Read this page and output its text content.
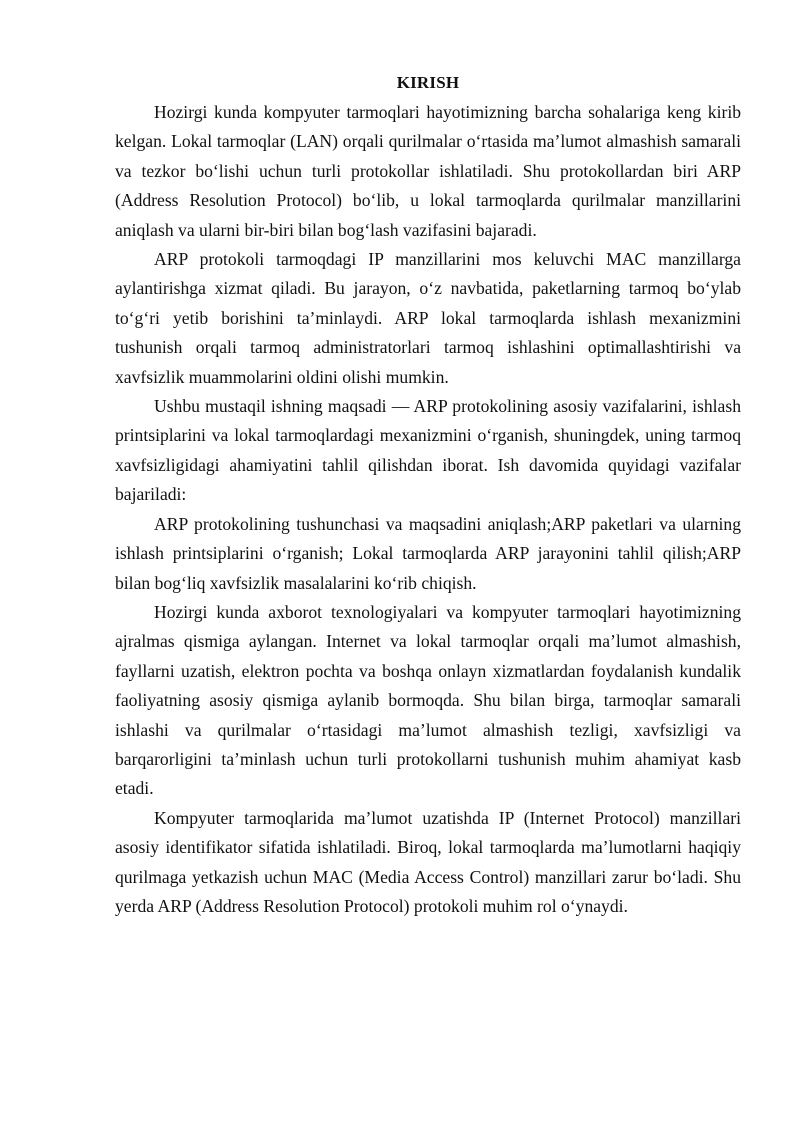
KIRISH

Hozirgi kunda kompyuter tarmoqlari hayotimizning barcha sohalariga keng kirib kelgan. Lokal tarmoqlar (LAN) orqali qurilmalar o‘rtasida ma’lumot almashish samarali va tezkor bo‘lishi uchun turli protokollar ishlatiladi. Shu protokollardan biri ARP (Address Resolution Protocol) bo‘lib, u lokal tarmoqlarda qurilmalar manzillarini aniqlash va ularni bir-biri bilan bog‘lash vazifasini bajaradi.

ARP protokoli tarmoqdagi IP manzillarini mos keluvchi MAC manzillarga aylantirishga xizmat qiladi. Bu jarayon, o‘z navbatida, paketlarning tarmoq bo‘ylab to‘g‘ri yetib borishini ta’minlaydi. ARP lokal tarmoqlarda ishlash mexanizmini tushunish orqali tarmoq administratorlari tarmoq ishlashini optimallashtirishi va xavfsizlik muammolarini oldini olishi mumkin.

Ushbu mustaqil ishning maqsadi — ARP protokolining asosiy vazifalarini, ishlash printsiplarini va lokal tarmoqlardagi mexanizmini o‘rganish, shuningdek, uning tarmoq xavfsizligidagi ahamiyatini tahlil qilishdan iborat. Ish davomida quyidagi vazifalar bajariladi:

ARP protokolining tushunchasi va maqsadini aniqlash;ARP paketlari va ularning ishlash printsiplarini o‘rganish; Lokal tarmoqlarda ARP jarayonini tahlil qilish;ARP bilan bog‘liq xavfsizlik masalalarini ko‘rib chiqish.

Hozirgi kunda axborot texnologiyalari va kompyuter tarmoqlari hayotimizning ajralmas qismiga aylangan. Internet va lokal tarmoqlar orqali ma’lumot almashish, fayllarni uzatish, elektron pochta va boshqa onlayn xizmatlardan foydalanish kundalik faoliyatning asosiy qismiga aylanib bormoqda. Shu bilan birga, tarmoqlar samarali ishlashi va qurilmalar o‘rtasidagi ma’lumot almashish tezligi, xavfsizligi va barqarorligini ta’minlash uchun turli protokollarni tushunish muhim ahamiyat kasb etadi.

Kompyuter tarmoqlarida ma’lumot uzatishda IP (Internet Protocol) manzillari asosiy identifikator sifatida ishlatiladi. Biroq, lokal tarmoqlarda ma’lumotlarni haqiqiy qurilmaga yetkazish uchun MAC (Media Access Control) manzillari zarur bo‘ladi. Shu yerda ARP (Address Resolution Protocol) protokoli muhim rol o‘ynaydi.
